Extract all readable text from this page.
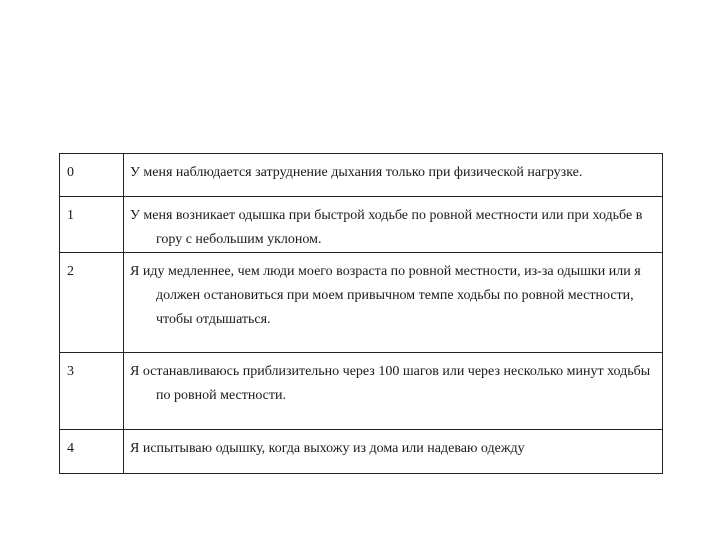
0	У меня наблюдается затруднение дыхания только при физической нагрузке.

1	У меня возникает одышка при быстрой ходьбе по ровной местности или при ходьбе в гору с небольшим уклоном.

2	Я иду медленнее, чем люди моего возраста по ровной местности, из-за одышки или я должен остановиться при моем привычном темпе ходьбы по ровной местности, чтобы отдышаться.

3	Я останавливаюсь приблизительно через 100 шагов или через несколько минут ходьбы по ровной местности.

4	Я испытываю одышку, когда выхожу из дома или надеваю одежду
